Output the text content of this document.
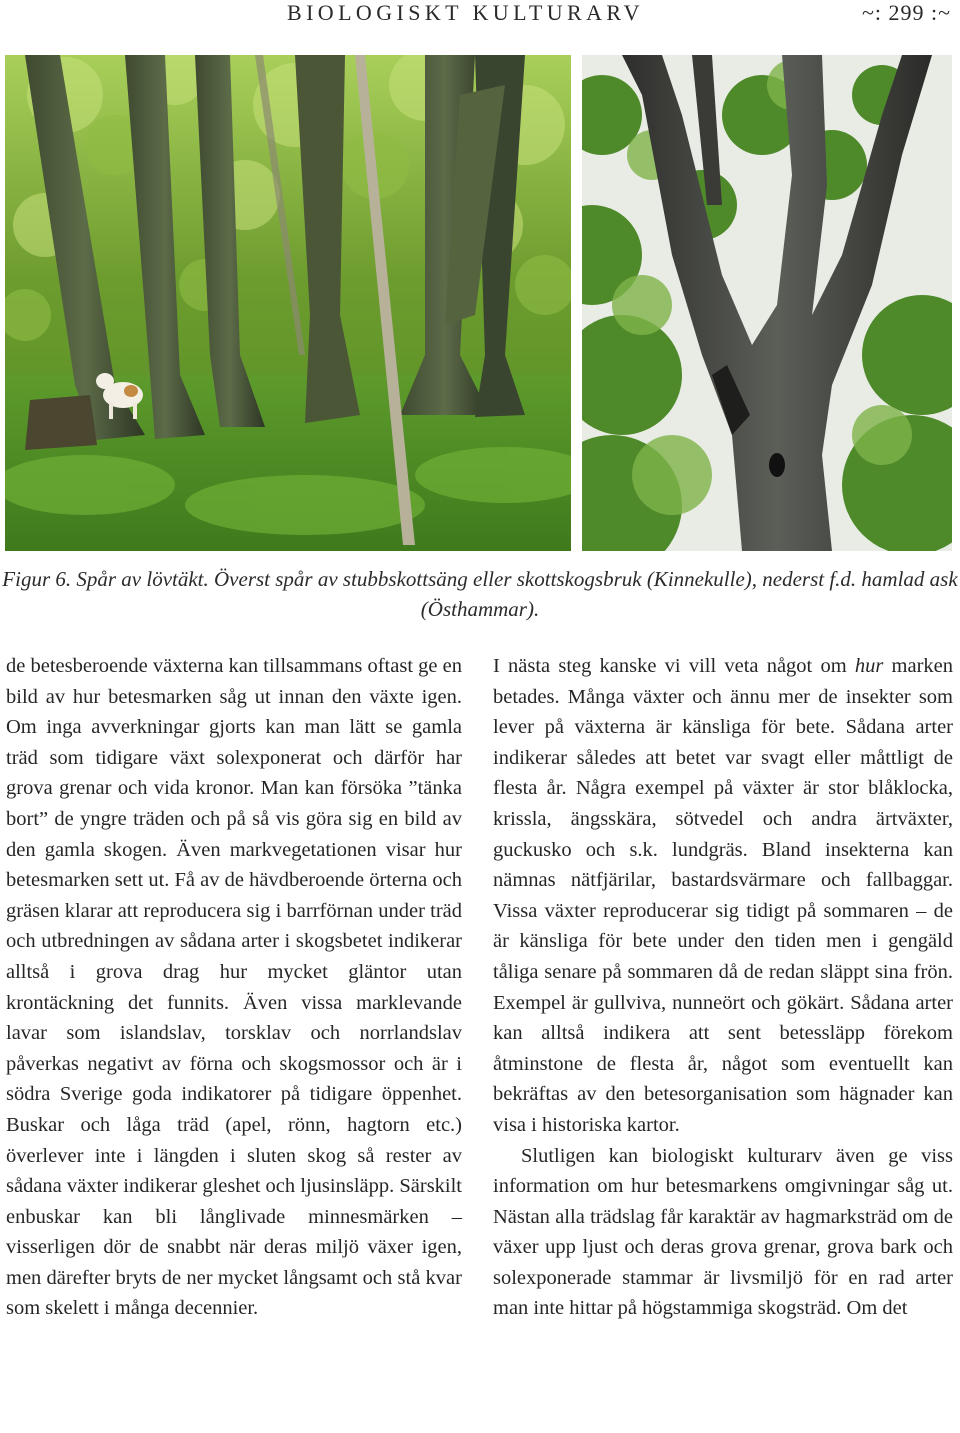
BIOLOGISKT KULTURARV	~: 299 :~
Figur 6. Spår av lövtäkt. Överst spår av stubbskottsäng eller skottskogsbruk (Kinnekulle), nederst f.d. hamlad ask (Östhammar).

de betesberoende växterna kan tillsammans oftast ge en bild av hur betesmarken såg ut innan den växte igen. Om inga avverkningar gjorts kan man lätt se gamla träd som tidigare växt solexponerat och därför har grova grenar och vida kronor. Man kan försöka ”tänka bort” de yngre träden och på så vis göra sig en bild av den gamla skogen. Även markvegetationen visar hur betesmarken sett ut. Få av de hävdberoende örterna och gräsen klarar att reproducera sig i barrförnan under träd och utbredningen av sådana arter i skogsbetet indikerar alltså i grova drag hur mycket gläntor utan krontäckning det funnits. Även vissa marklevande lavar som islandslav, torsklav och norrlandslav påverkas negativt av förna och skogsmossor och är i södra Sverige goda indikatorer på tidigare öppenhet. Buskar och låga träd (apel, rönn, hagtorn etc.) överlever inte i längden i sluten skog så rester av sådana växter indikerar gleshet och ljusinsläpp. Särskilt enbuskar kan bli långlivade minnesmärken – visserligen dör de snabbt när deras miljö växer igen, men därefter bryts de ner mycket långsamt och stå kvar som skelett i många decennier.

I nästa steg kanske vi vill veta något om hur marken betades. Många växter och ännu mer de insekter som lever på växterna är känsliga för bete. Sådana arter indikerar således att betet var svagt eller måttligt de flesta år. Några exempel på växter är stor blåklocka, krissla, ängsskära, sötvedel och andra ärtväxter, guckusko och s.k. lundgräs. Bland insekterna kan nämnas nätfjärilar, bastardsvärmare och fallbaggar. Vissa växter reproducerar sig tidigt på sommaren – de är känsliga för bete under den tiden men i gengäld tåliga senare på sommaren då de redan släppt sina frön. Exempel är gullviva, nunneört och gökärt. Sådana arter kan alltså indikera att sent betessläpp förekom åtminstone de flesta år, något som eventuellt kan bekräftas av den betesorganisation som hägnader kan visa i historiska kartor.

Slutligen kan biologiskt kulturarv även ge viss information om hur betesmarkens omgivningar såg ut. Nästan alla trädslag får karaktär av hagmarksträd om de växer upp ljust och deras grova grenar, grova bark och solexponerade stammar är livsmiljö för en rad arter man inte hittar på högstammiga skogsträd. Om det
